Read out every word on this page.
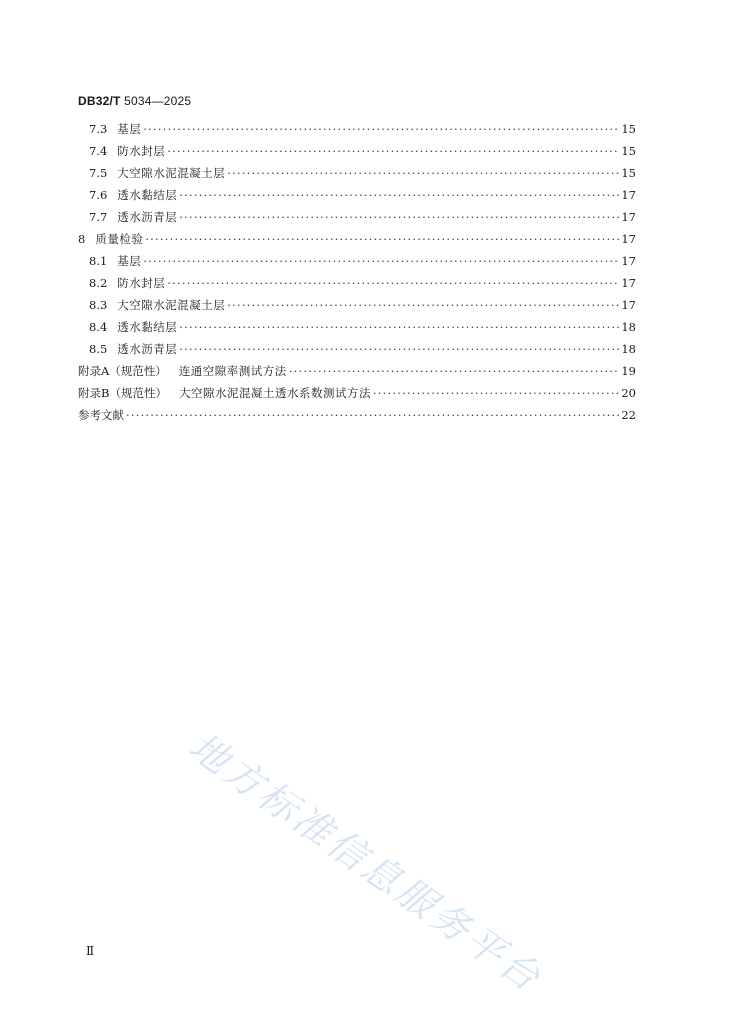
DB32/T 5034—2025
7.3 基层 ·····	15
7.4 防水封层 ·····	15
7.5 大空隙水泥混凝土层 ·····	15
7.6 透水黏结层 ·····	17
7.7 透水沥青层 ·····	17
8 质量检验 ·····	17
8.1 基层 ·····	17
8.2 防水封层 ·····	17
8.3 大空隙水泥混凝土层 ·····	17
8.4 透水黏结层 ·····	18
8.5 透水沥青层 ·····	18
附录A（规范性） 连通空隙率测试方法 ·····	19
附录B（规范性） 大空隙水泥混凝土透水系数测试方法 ·····	20
参考文献 ·····	22
地方标准信息服务平台
Ⅱ
